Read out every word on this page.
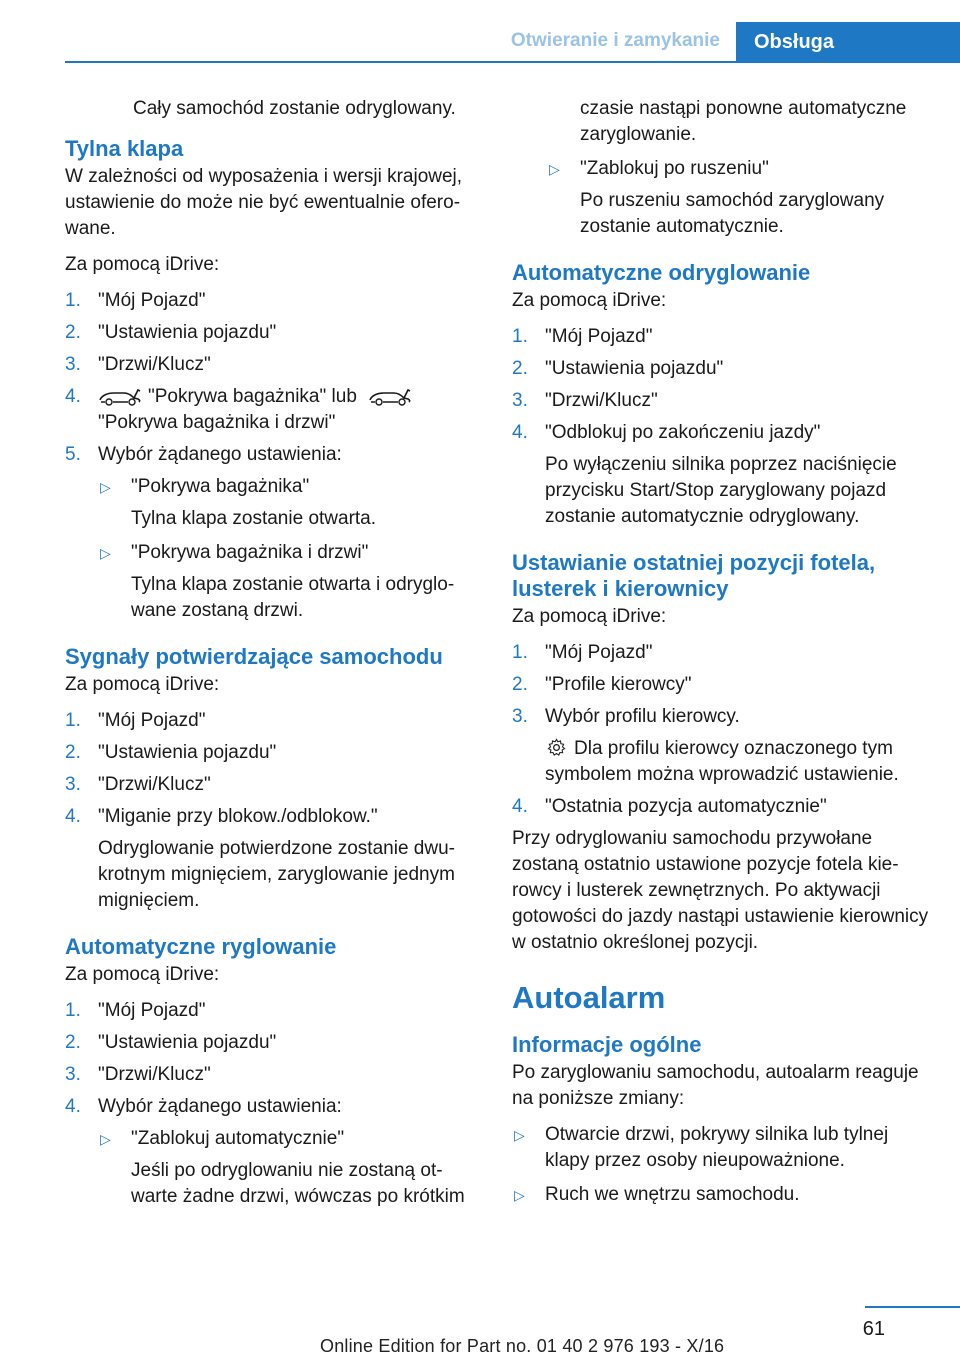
Otwieranie i zamykanie Obsługa

Cały samochód zostanie odryglowany.

Tylna klapa

W zależności od wyposażenia i wersji krajowej, ustawienie do może nie być ewentualnie oferowane.

Za pomocą iDrive:

1. "Mój Pojazd"
2. "Ustawienia pojazdu"
3. "Drzwi/Klucz"
4.	"Pokrywa bagażnika" lub
"Pokrywa bagażnika i drzwi"
5. Wybór żądanego ustawienia:
▷ "Pokrywa bagażnika"
Tylna klapa zostanie otwarta.
▷ "Pokrywa bagażnika i drzwi"
Tylna klapa zostanie otwarta i odryglowane zostaną drzwi.
Sygnały potwierdzające samochodu

Za pomocą iDrive:

1. "Mój Pojazd"
2. "Ustawienia pojazdu"
3. "Drzwi/Klucz"
4. "Miganie przy blokow./odblokow."
Odryglowanie potwierdzone zostanie dwukrotnym mignięciem, zaryglowanie jednym mignięciem.
Automatyczne ryglowanie

Za pomocą iDrive:

1. "Mój Pojazd"
2. "Ustawienia pojazdu"
3. "Drzwi/Klucz"
4. Wybór żądanego ustawienia:
▷ "Zablokuj automatycznie"
Jeśli po odryglowaniu nie zostaną otwarte żadne drzwi, wówczas po krótkim

czasie nastąpi ponowne automatyczne zaryglowanie.

▷ "Zablokuj po ruszeniu"
Po ruszeniu samochód zaryglowany zostanie automatycznie.
Automatyczne odryglowanie

Za pomocą iDrive:

1. "Mój Pojazd"
2. "Ustawienia pojazdu"
3. "Drzwi/Klucz"
4. "Odblokuj po zakończeniu jazdy"
Po wyłączeniu silnika poprzez naciśnięcie przycisku Start/Stop zaryglowany pojazd zostanie automatycznie odryglowany.
Ustawianie ostatniej pozycji fotela, lusterek i kierownicy

Za pomocą iDrive:

1. "Mój Pojazd"
2. "Profile kierowcy"
3. Wybór profilu kierowcy.
Dla profilu kierowcy oznaczonego tym symbolem można wprowadzić ustawienie.
4. "Ostatnia pozycja automatycznie"

Przy odryglowaniu samochodu przywołane zostaną ostatnio ustawione pozycje fotela kierowcy i lusterek zewnętrznych. Po aktywacji gotowości do jazdy nastąpi ustawienie kierownicy w ostatnio określonej pozycji.

Autoalarm
Informacje ogólne

Po zaryglowaniu samochodu, autoalarm reaguje na poniższe zmiany:

▷ Otwarcie drzwi, pokrywy silnika lub tylnej klapy przez osoby nieupoważnione.
▷ Ruch we wnętrzu samochodu.
61
Online Edition for Part no. 01 40 2 976 193 - X/16
